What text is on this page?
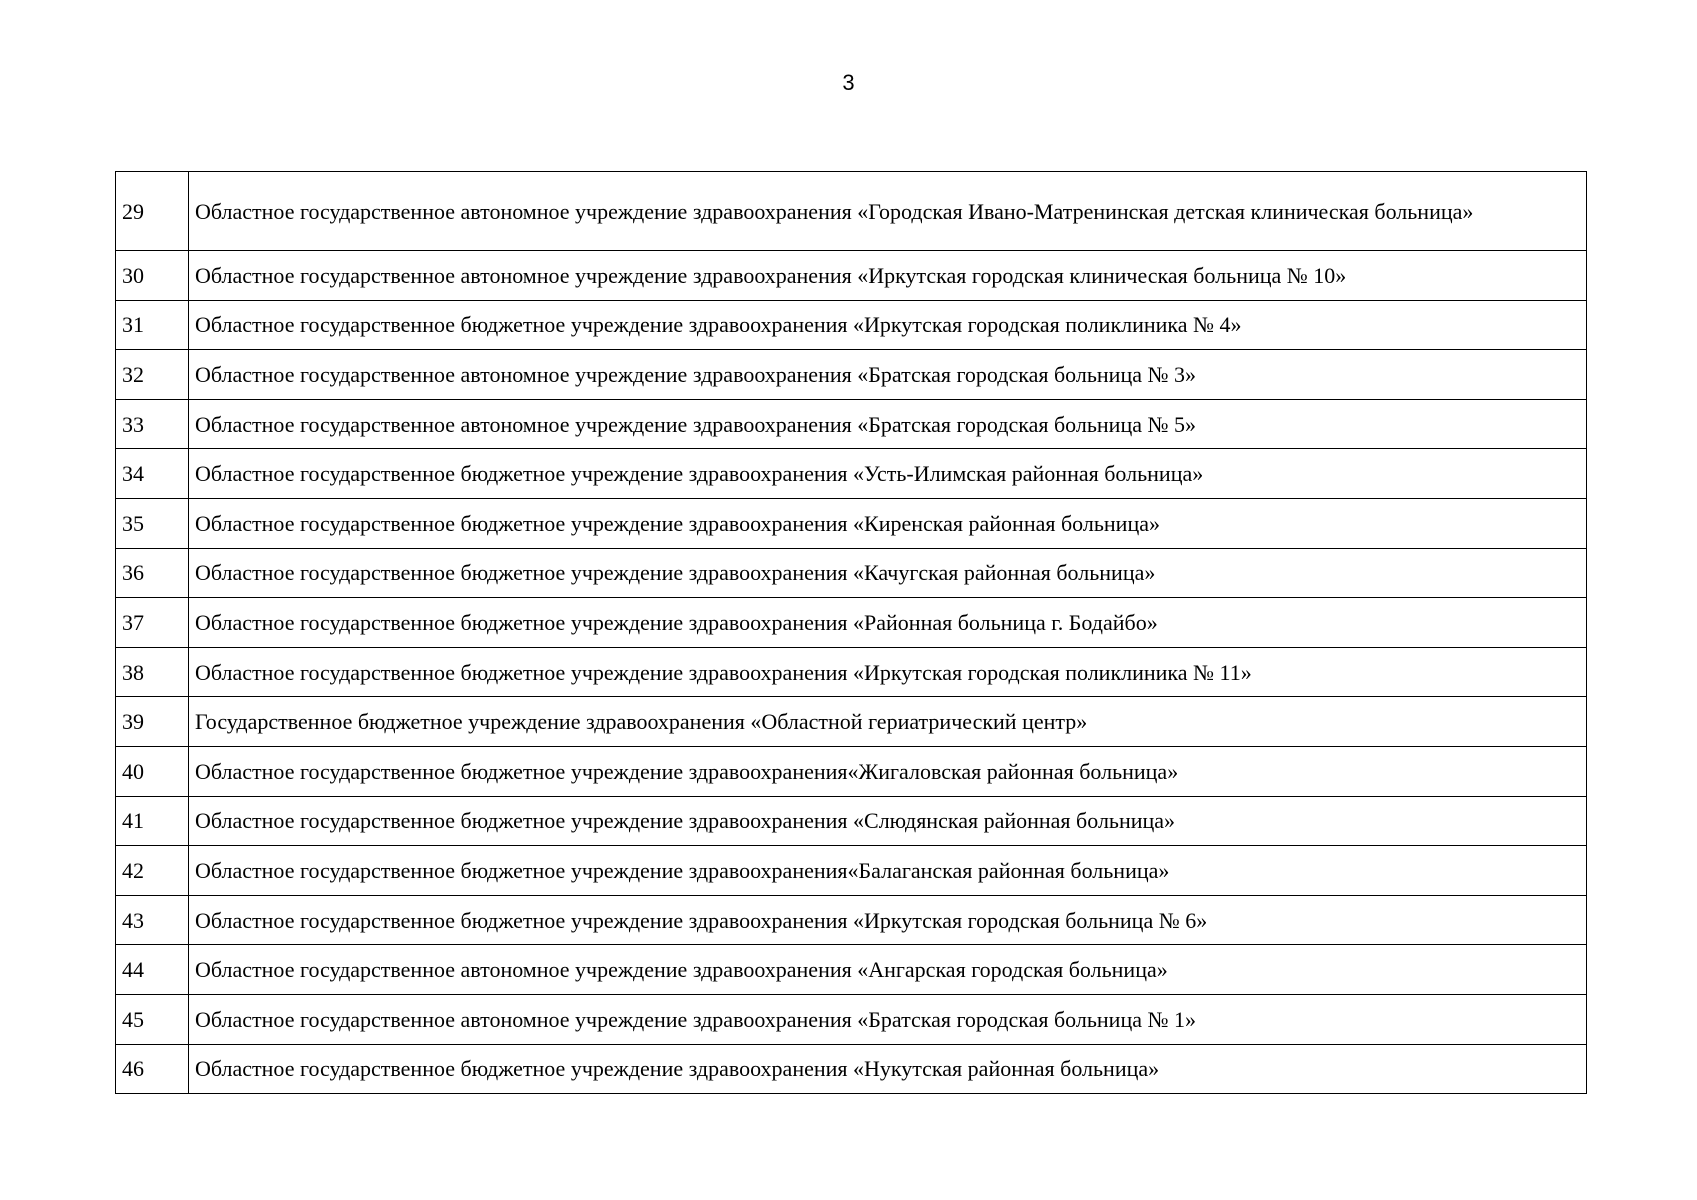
3
29	Областное государственное автономное учреждение здравоохранения «Городская Ивано-Матренинская детская клиническая больница»
30	Областное государственное автономное учреждение здравоохранения «Иркутская городская клиническая больница № 10»
31	Областное государственное бюджетное учреждение здравоохранения «Иркутская городская поликлиника № 4»
32	Областное государственное автономное учреждение здравоохранения «Братская городская больница № 3»
33	Областное государственное автономное учреждение здравоохранения «Братская городская больница № 5»
34	Областное государственное бюджетное учреждение здравоохранения «Усть-Илимская районная больница»
35	Областное государственное бюджетное учреждение здравоохранения «Киренская районная больница»
36	Областное государственное бюджетное учреждение здравоохранения «Качугская районная больница»
37	Областное государственное бюджетное учреждение здравоохранения «Районная больница г. Бодайбо»
38	Областное государственное бюджетное учреждение здравоохранения «Иркутская городская поликлиника № 11»
39	Государственное бюджетное учреждение здравоохранения «Областной гериатрический центр»
40	Областное государственное бюджетное учреждение здравоохранения«Жигаловская районная больница»
41	Областное государственное бюджетное учреждение здравоохранения «Слюдянская районная больница»
42	Областное государственное бюджетное учреждение здравоохранения«Балаганская районная больница»
43	Областное государственное бюджетное учреждение здравоохранения «Иркутская городская больница № 6»
44	Областное государственное автономное учреждение здравоохранения «Ангарская городская больница»
45	Областное государственное автономное учреждение здравоохранения «Братская городская больница № 1»
46	Областное государственное бюджетное учреждение здравоохранения «Нукутская районная больница»
